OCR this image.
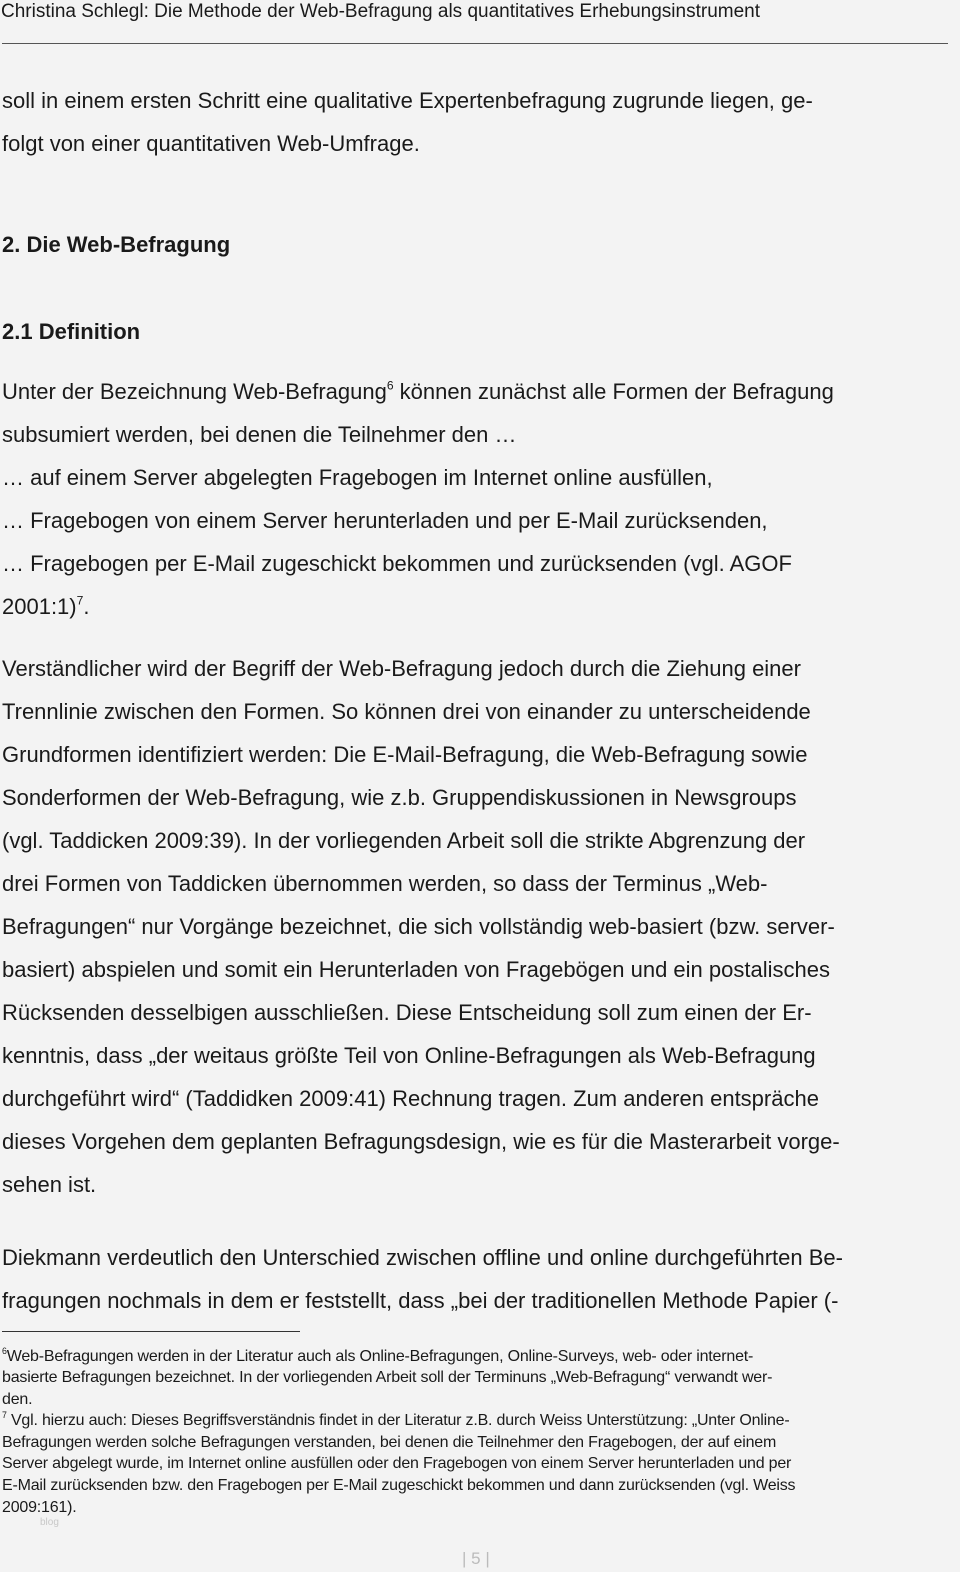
Christina Schlegl: Die Methode der Web-Befragung als quantitatives Erhebungsinstrument
soll in einem ersten Schritt eine qualitative Expertenbefragung zugrunde liegen, ge-
folgt von einer quantitativen Web-Umfrage.
2. Die Web-Befragung
2.1 Definition
Unter der Bezeichnung Web-Befragung$^6$ können zunächst alle Formen der Befragung
subsumiert werden, bei denen die Teilnehmer den …
… auf einem Server abgelegten Fragebogen im Internet online ausfüllen,
… Fragebogen von einem Server herunterladen und per E-Mail zurücksenden,
… Fragebogen per E-Mail zugeschickt bekommen und zurücksenden (vgl. AGOF
2001:1)$^7$.
Verständlicher wird der Begriff der Web-Befragung jedoch durch die Ziehung einer
Trennlinie zwischen den Formen. So können drei von einander zu unterscheidende
Grundformen identifiziert werden: Die E-Mail-Befragung, die Web-Befragung sowie
Sonderformen der Web-Befragung, wie z.b. Gruppendiskussionen in Newsgroups
(vgl. Taddicken 2009:39). In der vorliegenden Arbeit soll die strikte Abgrenzung der
drei Formen von Taddicken übernommen werden, so dass der Terminus „Web-
Befragungen“ nur Vorgänge bezeichnet, die sich vollständig web-basiert (bzw. server-
basiert) abspielen und somit ein Herunterladen von Fragebögen und ein postalisches
Rücksenden desselbigen ausschließen. Diese Entscheidung soll zum einen der Er-
kenntnis, dass „der weitaus größte Teil von Online-Befragungen als Web-Befragung
durchgeführt wird“ (Taddidken 2009:41) Rechnung tragen. Zum anderen entspräche
dieses Vorgehen dem geplanten Befragungsdesign, wie es für die Masterarbeit vorge-
sehen ist.
Diekmann verdeutlich den Unterschied zwischen offline und online durchgeführten Be-
fragungen nochmals in dem er feststellt, dass „bei der traditionellen Methode Papier (-
$^6$Web-Befragungen werden in der Literatur auch als Online-Befragungen, Online-Surveys, web- oder internet-
basierte Befragungen bezeichnet. In der vorliegenden Arbeit soll der Terminuns „Web-Befragung“ verwandt wer-
den.
$^7$ Vgl. hierzu auch: Dieses Begriffsverständnis findet in der Literatur z.B. durch Weiss Unterstützung: „Unter Online-
Befragungen werden solche Befragungen verstanden, bei denen die Teilnehmer den Fragebogen, der auf einem
Server abgelegt wurde, im Internet online ausfüllen oder den Fragebogen von einem Server herunterladen und per
E-Mail zurücksenden bzw. den Fragebogen per E-Mail zugeschickt bekommen und dann zurücksenden (vgl. Weiss
2009:161).
blog
| 5 |
